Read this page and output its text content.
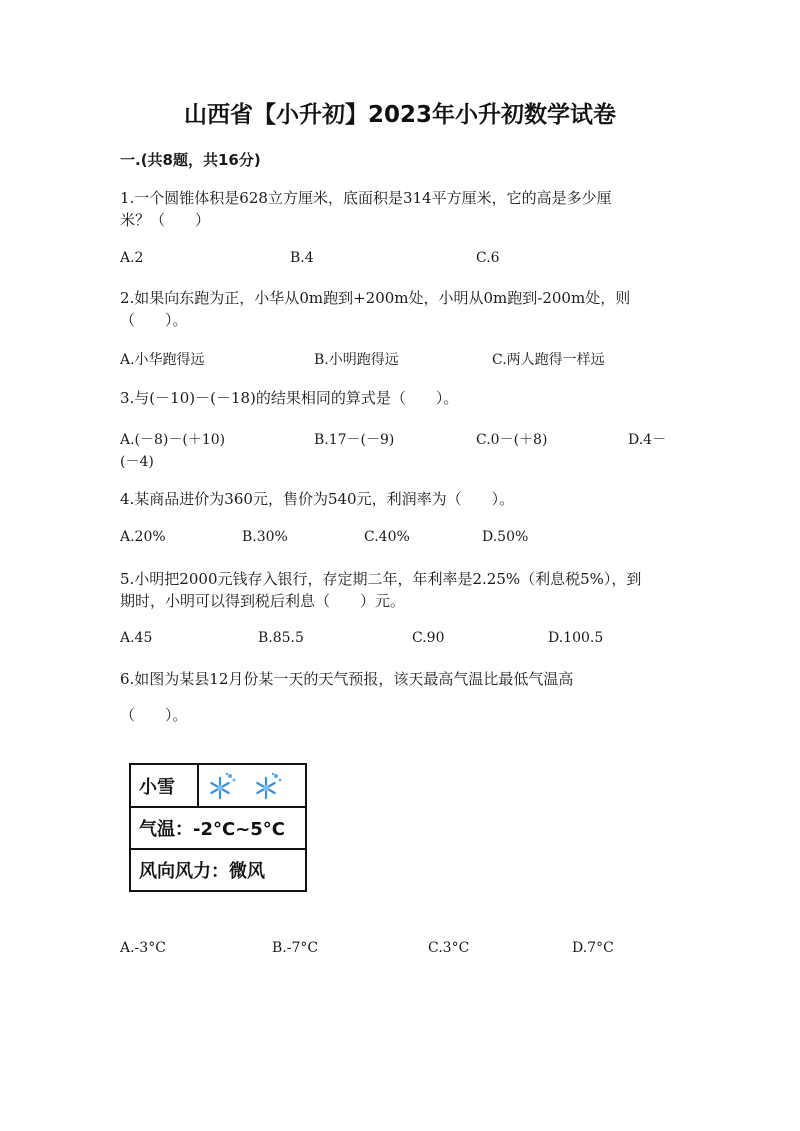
山西省【小升初】2023年小升初数学试卷
一.(共8题，共16分)
1.一个圆锥体积是628立方厘米，底面积是314平方厘米，它的高是多少厘
米？（　　）
A.2	B.4	C.6
2.如果向东跑为正，小华从0m跑到+200m处，小明从0m跑到-200m处，则
（　　）。
A.小华跑得远	B.小明跑得远	C.两人跑得一样远
3.与(－10)－(－18)的结果相同的算式是（　　）。
A.(－8)－(＋10)	B.17－(－9)	C.0－(＋8)	D.4－
(－4)
4.某商品进价为360元，售价为540元，利润率为（　　）。
A.20%	B.30%	C.40%	D.50%
5.小明把2000元钱存入银行，存定期二年，年利率是2.25%（利息税5%），到
期时，小明可以得到税后利息（　　）元。
A.45	B.85.5	C.90	D.100.5
6.如图为某县12月份某一天的天气预报，该天最高气温比最低气温高
（　　）。
小雪
气温：-2°C~5°C
风向风力：微风
A.-3°C	B.-7°C	C.3°C	D.7°C
